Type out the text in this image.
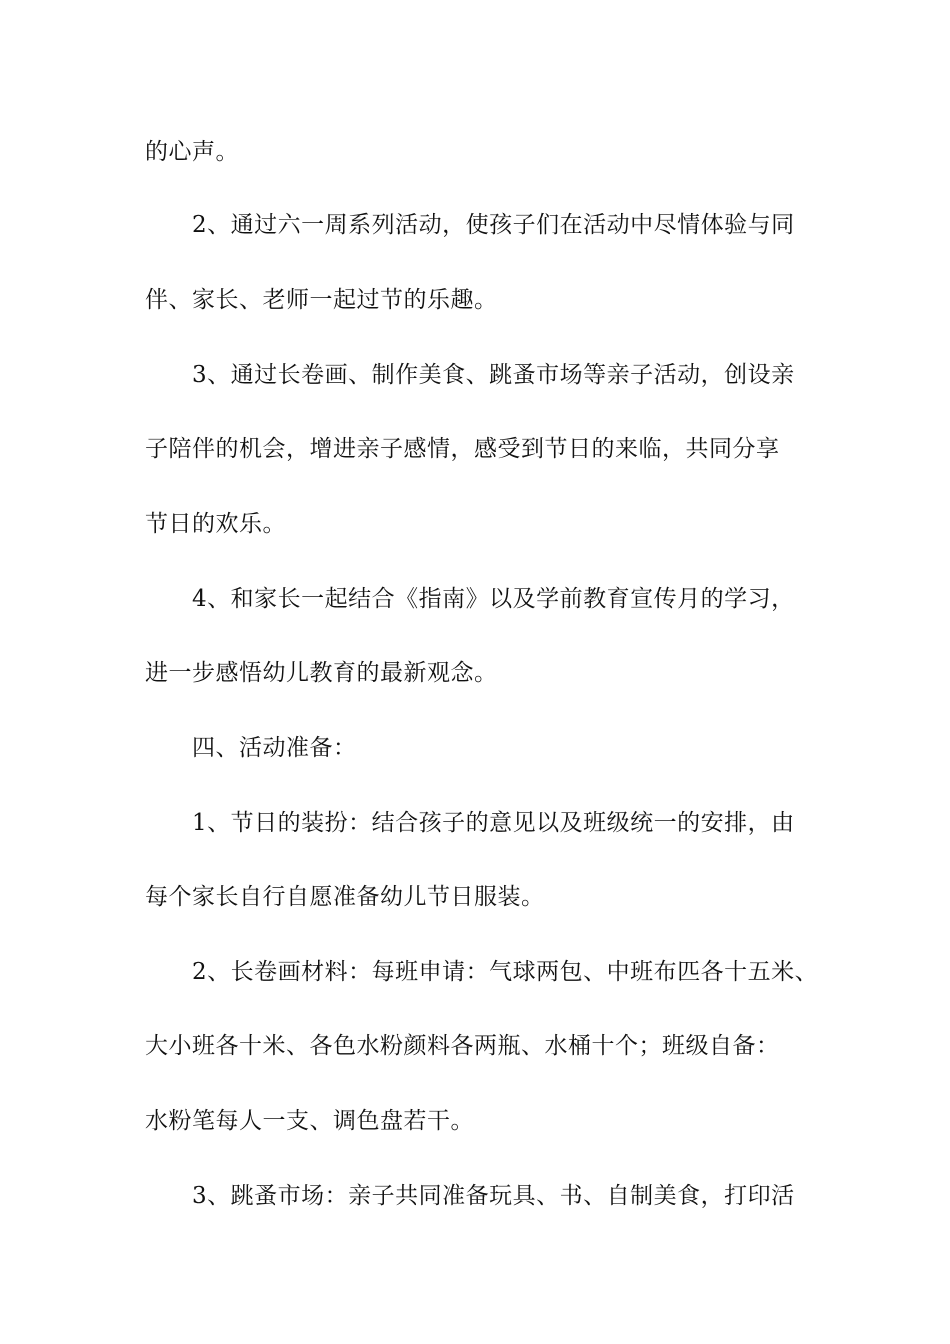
的心声。
2、通过六一周系列活动，使孩子们在活动中尽情体验与同
伴、家长、老师一起过节的乐趣。
3、通过长卷画、制作美食、跳蚤市场等亲子活动，创设亲
子陪伴的机会，增进亲子感情，感受到节日的来临，共同分享
节日的欢乐。
4、和家长一起结合《指南》以及学前教育宣传月的学习，
进一步感悟幼儿教育的最新观念。
四、活动准备：
1、节日的装扮：结合孩子的意见以及班级统一的安排，由
每个家长自行自愿准备幼儿节日服装。
2、长卷画材料：每班申请：气球两包、中班布匹各十五米、
大小班各十米、各色水粉颜料各两瓶、水桶十个；班级自备：
水粉笔每人一支、调色盘若干。
3、跳蚤市场：亲子共同准备玩具、书、自制美食，打印活
